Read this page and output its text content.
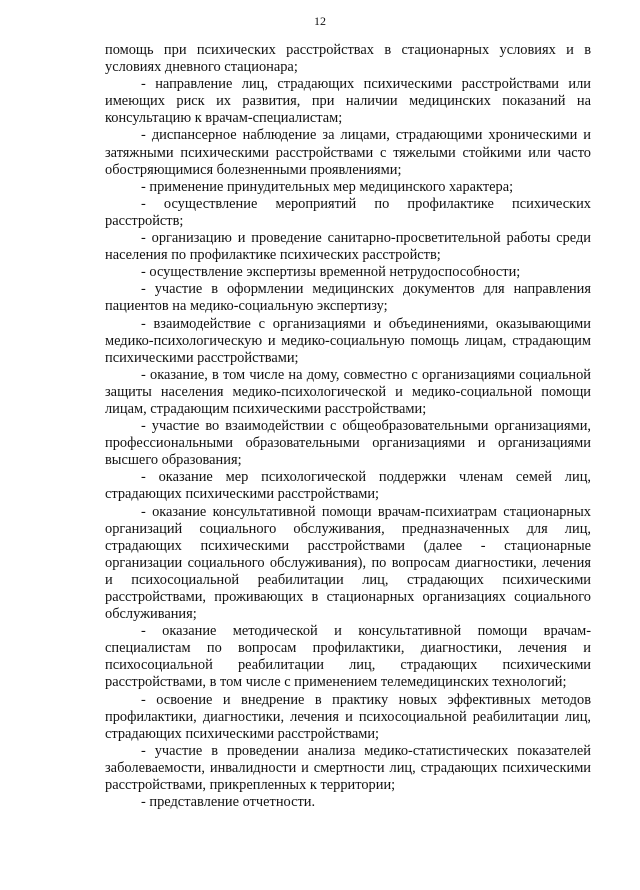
12

помощь при психических расстройствах в стационарных условиях и в условиях дневного стационара;

- направление лиц, страдающих психическими расстройствами или имеющих риск их развития, при наличии медицинских показаний на консультацию к врачам-специалистам;

- диспансерное наблюдение за лицами, страдающими хроническими и затяжными психическими расстройствами с тяжелыми стойкими или часто обостряющимися болезненными проявлениями;

- применение принудительных мер медицинского характера;

- осуществление мероприятий по профилактике психических расстройств;

- организацию и проведение санитарно-просветительной работы среди населения по профилактике психических расстройств;

- осуществление экспертизы временной нетрудоспособности;

- участие в оформлении медицинских документов для направления пациентов на медико-социальную экспертизу;

- взаимодействие с организациями и объединениями, оказывающими медико-психологическую и медико-социальную помощь лицам, страдающим психическими расстройствами;

- оказание, в том числе на дому, совместно с организациями социальной защиты населения медико-психологической и медико-социальной помощи лицам, страдающим психическими расстройствами;

- участие во взаимодействии с общеобразовательными организациями, профессиональными образовательными организациями и организациями высшего образования;

- оказание мер психологической поддержки членам семей лиц, страдающих психическими расстройствами;

- оказание консультативной помощи врачам-психиатрам стационарных организаций социального обслуживания, предназначенных для лиц, страдающих психическими расстройствами (далее - стационарные организации социального обслуживания), по вопросам диагностики, лечения и психосоциальной реабилитации лиц, страдающих психическими расстройствами, проживающих в стационарных организациях социального обслуживания;

- оказание методической и консультативной помощи врачам-специалистам по вопросам профилактики, диагностики, лечения и психосоциальной реабилитации лиц, страдающих психическими расстройствами, в том числе с применением телемедицинских технологий;

- освоение и внедрение в практику новых эффективных методов профилактики, диагностики, лечения и психосоциальной реабилитации лиц, страдающих психическими расстройствами;

- участие в проведении анализа медико-статистических показателей заболеваемости, инвалидности и смертности лиц, страдающих психическими расстройствами, прикрепленных к территории;

- представление отчетности.
